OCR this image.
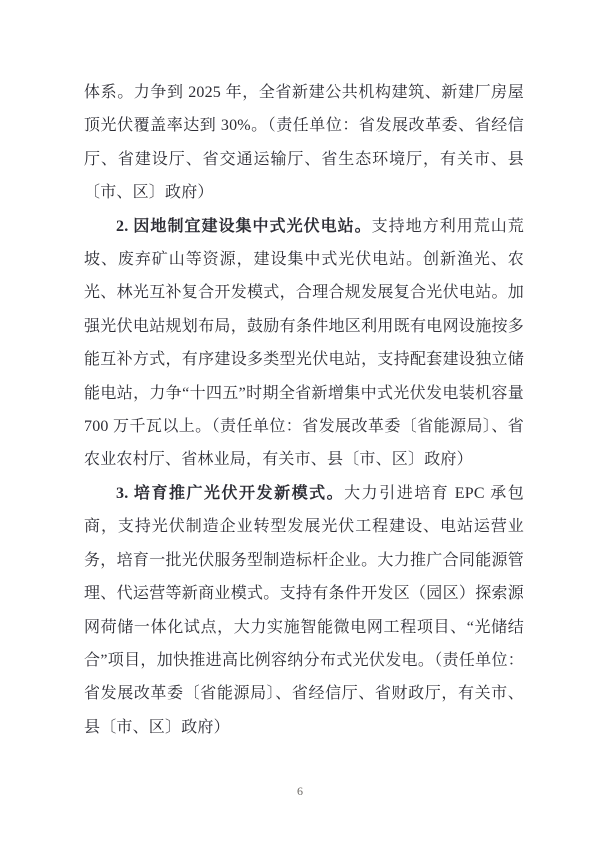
体系。力争到 2025 年，全省新建公共机构建筑、新建厂房屋顶光伏覆盖率达到 30%。（责任单位：省发展改革委、省经信厅、省建设厅、省交通运输厅、省生态环境厅，有关市、县〔市、区〕政府）

2. 因地制宜建设集中式光伏电站。支持地方利用荒山荒坡、废弃矿山等资源，建设集中式光伏电站。创新渔光、农光、林光互补复合开发模式，合理合规发展复合光伏电站。加强光伏电站规划布局，鼓励有条件地区利用既有电网设施按多能互补方式，有序建设多类型光伏电站，支持配套建设独立储能电站，力争“十四五”时期全省新增集中式光伏发电装机容量 700 万千瓦以上。（责任单位：省发展改革委〔省能源局〕、省农业农村厅、省林业局，有关市、县〔市、区〕政府）

3. 培育推广光伏开发新模式。大力引进培育 EPC 承包商，支持光伏制造企业转型发展光伏工程建设、电站运营业务，培育一批光伏服务型制造标杆企业。大力推广合同能源管理、代运营等新商业模式。支持有条件开发区（园区）探索源网荷储一体化试点，大力实施智能微电网工程项目、“光储结合”项目，加快推进高比例容纳分布式光伏发电。（责任单位：省发展改革委〔省能源局〕、省经信厅、省财政厅，有关市、县〔市、区〕政府）

6
